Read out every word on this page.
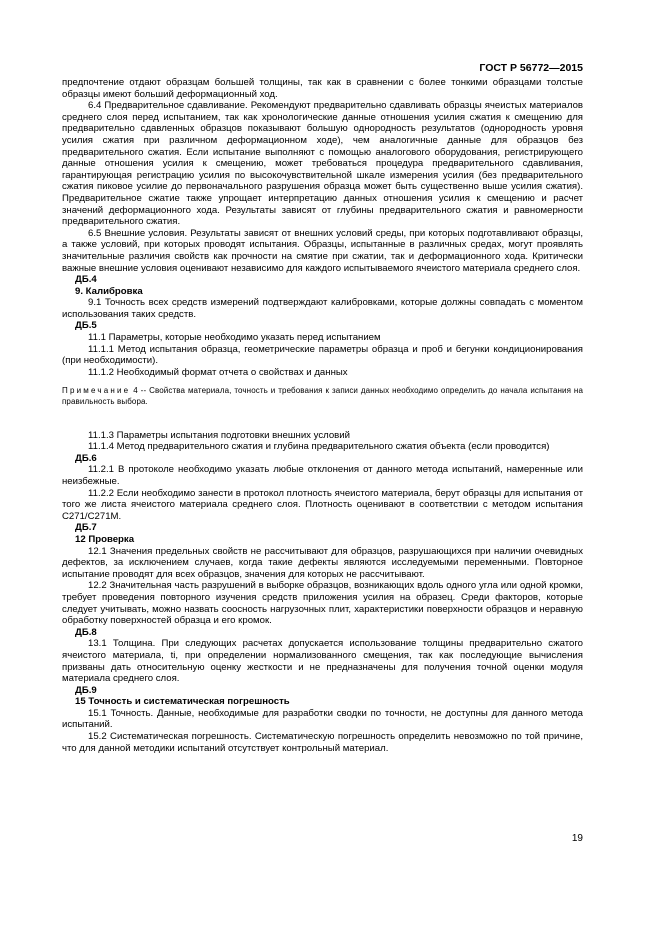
ГОСТ Р 56772—2015

предпочтение отдают образцам большей толщины, так как в сравнении с более тонкими образцами толстые образцы имеют больший деформационный ход.

6.4 Предварительное сдавливание. Рекомендуют предварительно сдавливать образцы ячеистых материалов среднего слоя перед испытанием, так как хронологические данные отношения усилия сжатия к смещению для предварительно сдавленных образцов показывают большую однородность результатов (однородность уровня усилия сжатия при различном деформационном ходе), чем аналогичные данные для образцов без предварительного сжатия. Если испытание выполняют с помощью аналогового оборудования, регистрирующего данные отношения усилия к смещению, может требоваться процедура предварительного сдавливания, гарантирующая регистрацию усилия по высокочувствительной шкале измерения усилия (без предварительного сжатия пиковое усилие до первоначального разрушения образца может быть существенно выше усилия сжатия). Предварительное сжатие также упрощает интерпретацию данных отношения усилия к смещению и расчет значений деформационного хода. Результаты зависят от глубины предварительного сжатия и равномерности предварительного сжатия.

6.5 Внешние условия. Результаты зависят от внешних условий среды, при которых подготавливают образцы, а также условий, при которых проводят испытания. Образцы, испытанные в различных средах, могут проявлять значительные различия свойств как прочности на смятие при сжатии, так и деформационного хода. Критически важные внешние условия оценивают независимо для каждого испытываемого ячеистого материала среднего слоя.

ДБ.4
9. Калибровка

9.1 Точность всех средств измерений подтверждают калибровками, которые должны совпадать с моментом использования таких средств.

ДБ.5

11.1 Параметры, которые необходимо указать перед испытанием

11.1.1 Метод испытания образца, геометрические параметры образца и проб и бегунки кондиционирования (при необходимости).

11.1.2 Необходимый формат отчета о свойствах и данных

Примечание 4 -- Свойства материала, точность и требования к записи данных необходимо определить до начала испытания на правильность выбора.

11.1.3 Параметры испытания подготовки внешних условий

11.1.4 Метод предварительного сжатия и глубина предварительного сжатия объекта (если проводится)

ДБ.6

11.2.1 В протоколе необходимо указать любые отклонения от данного метода испытаний, намеренные или неизбежные.

11.2.2 Если необходимо занести в протокол плотность ячеистого материала, берут образцы для испытания от того же листа ячеистого материала среднего слоя. Плотность оценивают в соответствии с методом испытания С271/С271М.

ДБ.7
12 Проверка

12.1 Значения предельных свойств не рассчитывают для образцов, разрушающихся при наличии очевидных дефектов, за исключением случаев, когда такие дефекты являются исследуемыми переменными. Повторное испытание проводят для всех образцов, значения для которых не рассчитывают.

12.2 Значительная часть разрушений в выборке образцов, возникающих вдоль одного угла или одной кромки, требует проведения повторного изучения средств приложения усилия на образец. Среди факторов, которые следует учитывать, можно назвать соосность нагрузочных плит, характеристики поверхности образцов и неравную обработку поверхностей образца и его кромок.

ДБ.8

13.1 Толщина. При следующих расчетах допускается использование толщины предварительно сжатого ячеистого материала, ti, при определении нормализованного смещения, так как последующие вычисления призваны дать относительную оценку жесткости и не предназначены для получения точной оценки модуля материала среднего слоя.

ДБ.9
15 Точность и систематическая погрешность

15.1 Точность. Данные, необходимые для разработки сводки по точности, не доступны для данного метода испытаний.

15.2 Систематическая погрешность. Систематическую погрешность определить невозможно по той причине, что для данной методики испытаний отсутствует контрольный материал.

19
